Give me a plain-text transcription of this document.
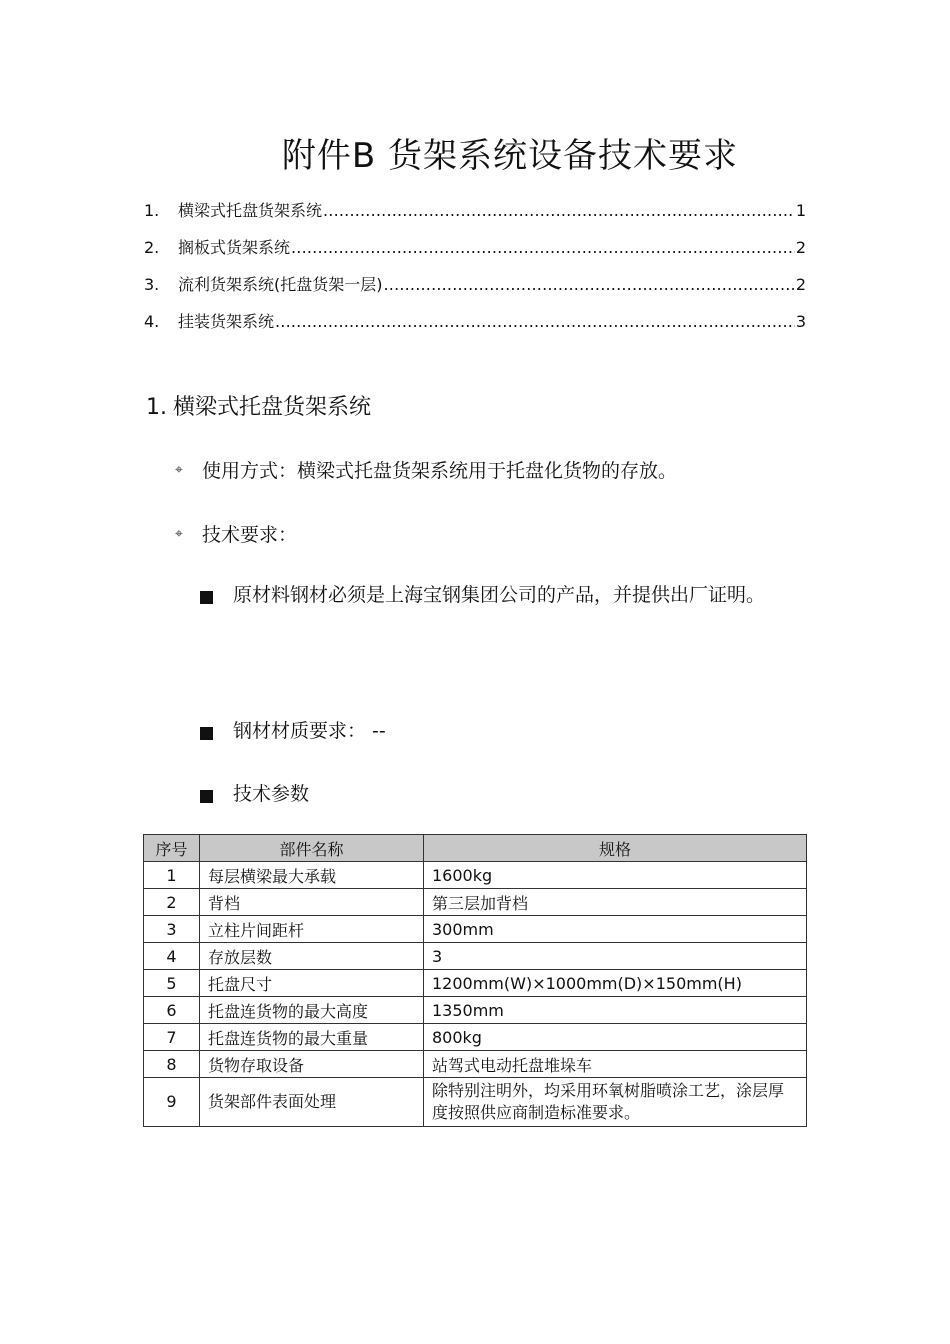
附件B 货架系统设备技术要求
1.	横梁式托盘货架系统 .....	1
2.	搁板式货架系统 .....	2
3.	流利货架系统(托盘货架一层) .....	2
4.	挂装货架系统 .....	3
1. 横梁式托盘货架系统
⌖ 使用方式：横梁式托盘货架系统用于托盘化货物的存放。
⌖ 技术要求：
原材料钢材必须是上海宝钢集团公司的产品，并提供出厂证明。
钢材材质要求： --
技术参数
序号	部件名称	规格
1	每层横梁最大承载	1600kg
2	背档	第三层加背档
3	立柱片间距杆	300mm
4	存放层数	3
5	托盘尺寸	1200mm(W)×1000mm(D)×150mm(H)
6	托盘连货物的最大高度	1350mm
7	托盘连货物的最大重量	800kg
8	货物存取设备	站驾式电动托盘堆垛车
9	货架部件表面处理	除特别注明外，均采用环氧树脂喷涂工艺，涂层厚度按照供应商制造标准要求。
